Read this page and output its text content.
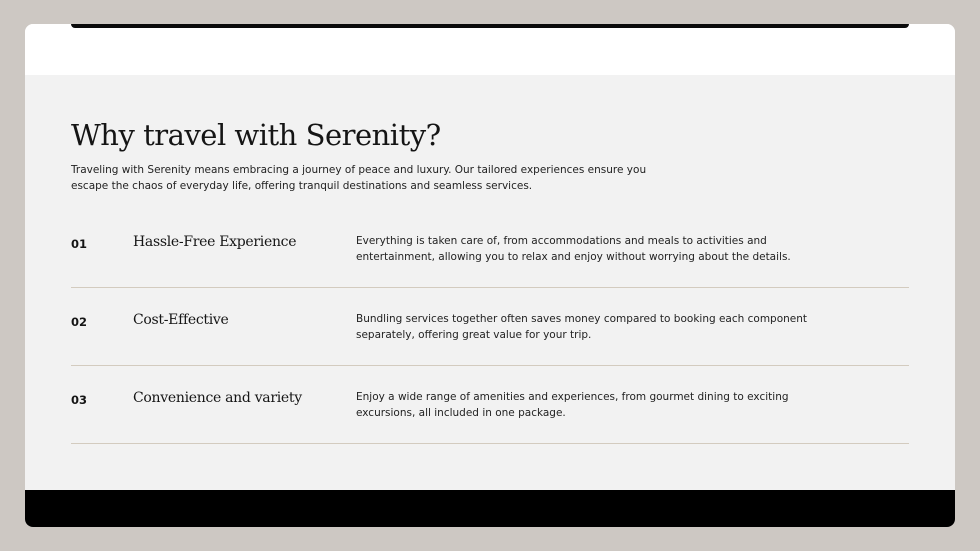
Why travel with Serenity?

Traveling with Serenity means embracing a journey of peace and luxury. Our tailored experiences ensure you escape the chaos of everyday life, offering tranquil destinations and seamless services.

01	Hassle-Free Experience	Everything is taken care of, from accommodations and meals to activities and entertainment, allowing you to relax and enjoy without worrying about the details.

02	Cost-Effective	Bundling services together often saves money compared to booking each component separately, offering great value for your trip.

03	Convenience and variety	Enjoy a wide range of amenities and experiences, from gourmet dining to exciting excursions, all included in one package.
